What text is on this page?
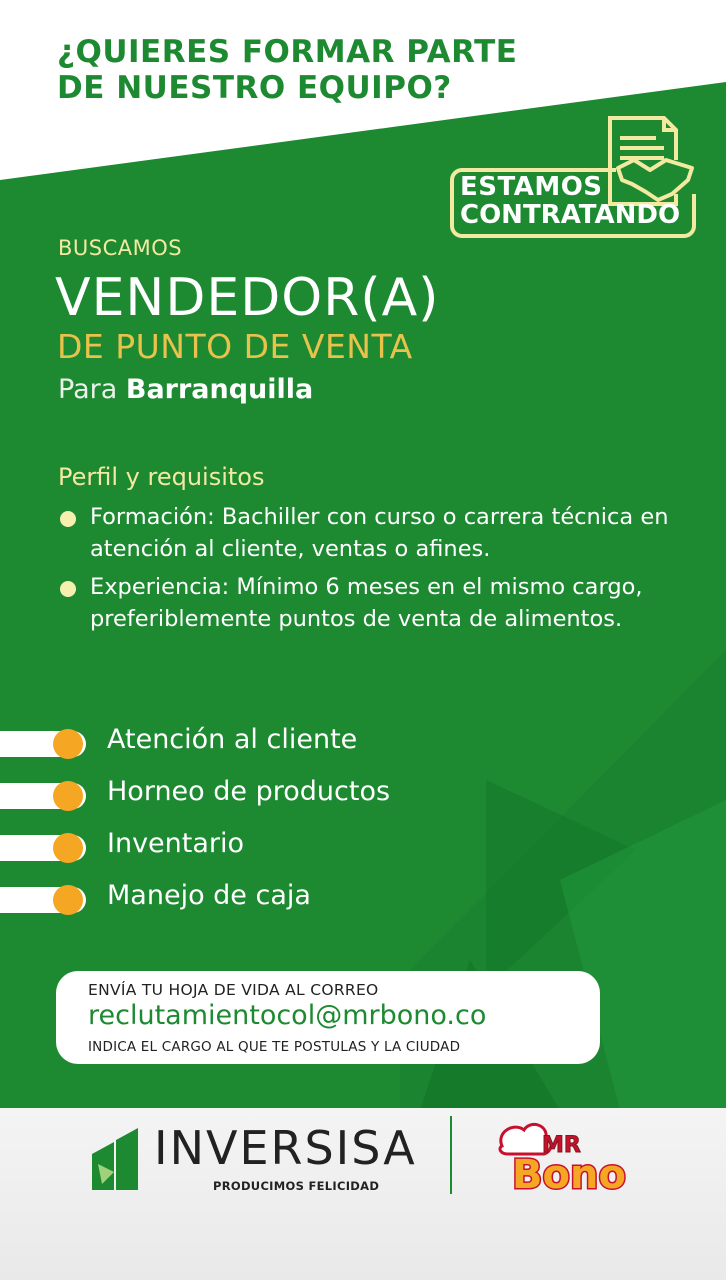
¿QUIERES FORMAR PARTE
DE NUESTRO EQUIPO?
ESTAMOS
CONTRATANDO
BUSCAMOS
VENDEDOR(A)
DE PUNTO DE VENTA
Para Barranquilla
Perfil y requisitos
Formación: Bachiller con curso o carrera técnica en atención al cliente, ventas o afines.
Experiencia: Mínimo 6 meses en el mismo cargo, preferiblemente puntos de venta de alimentos.
Atención al cliente
Horneo de productos
Inventario
Manejo de caja
ENVÍA TU HOJA DE VIDA AL CORREO
reclutamientocol@mrbono.co
INDICA EL CARGO AL QUE TE POSTULAS Y LA CIUDAD
INVERSISA
PRODUCIMOS FELICIDAD
MR
Bono
